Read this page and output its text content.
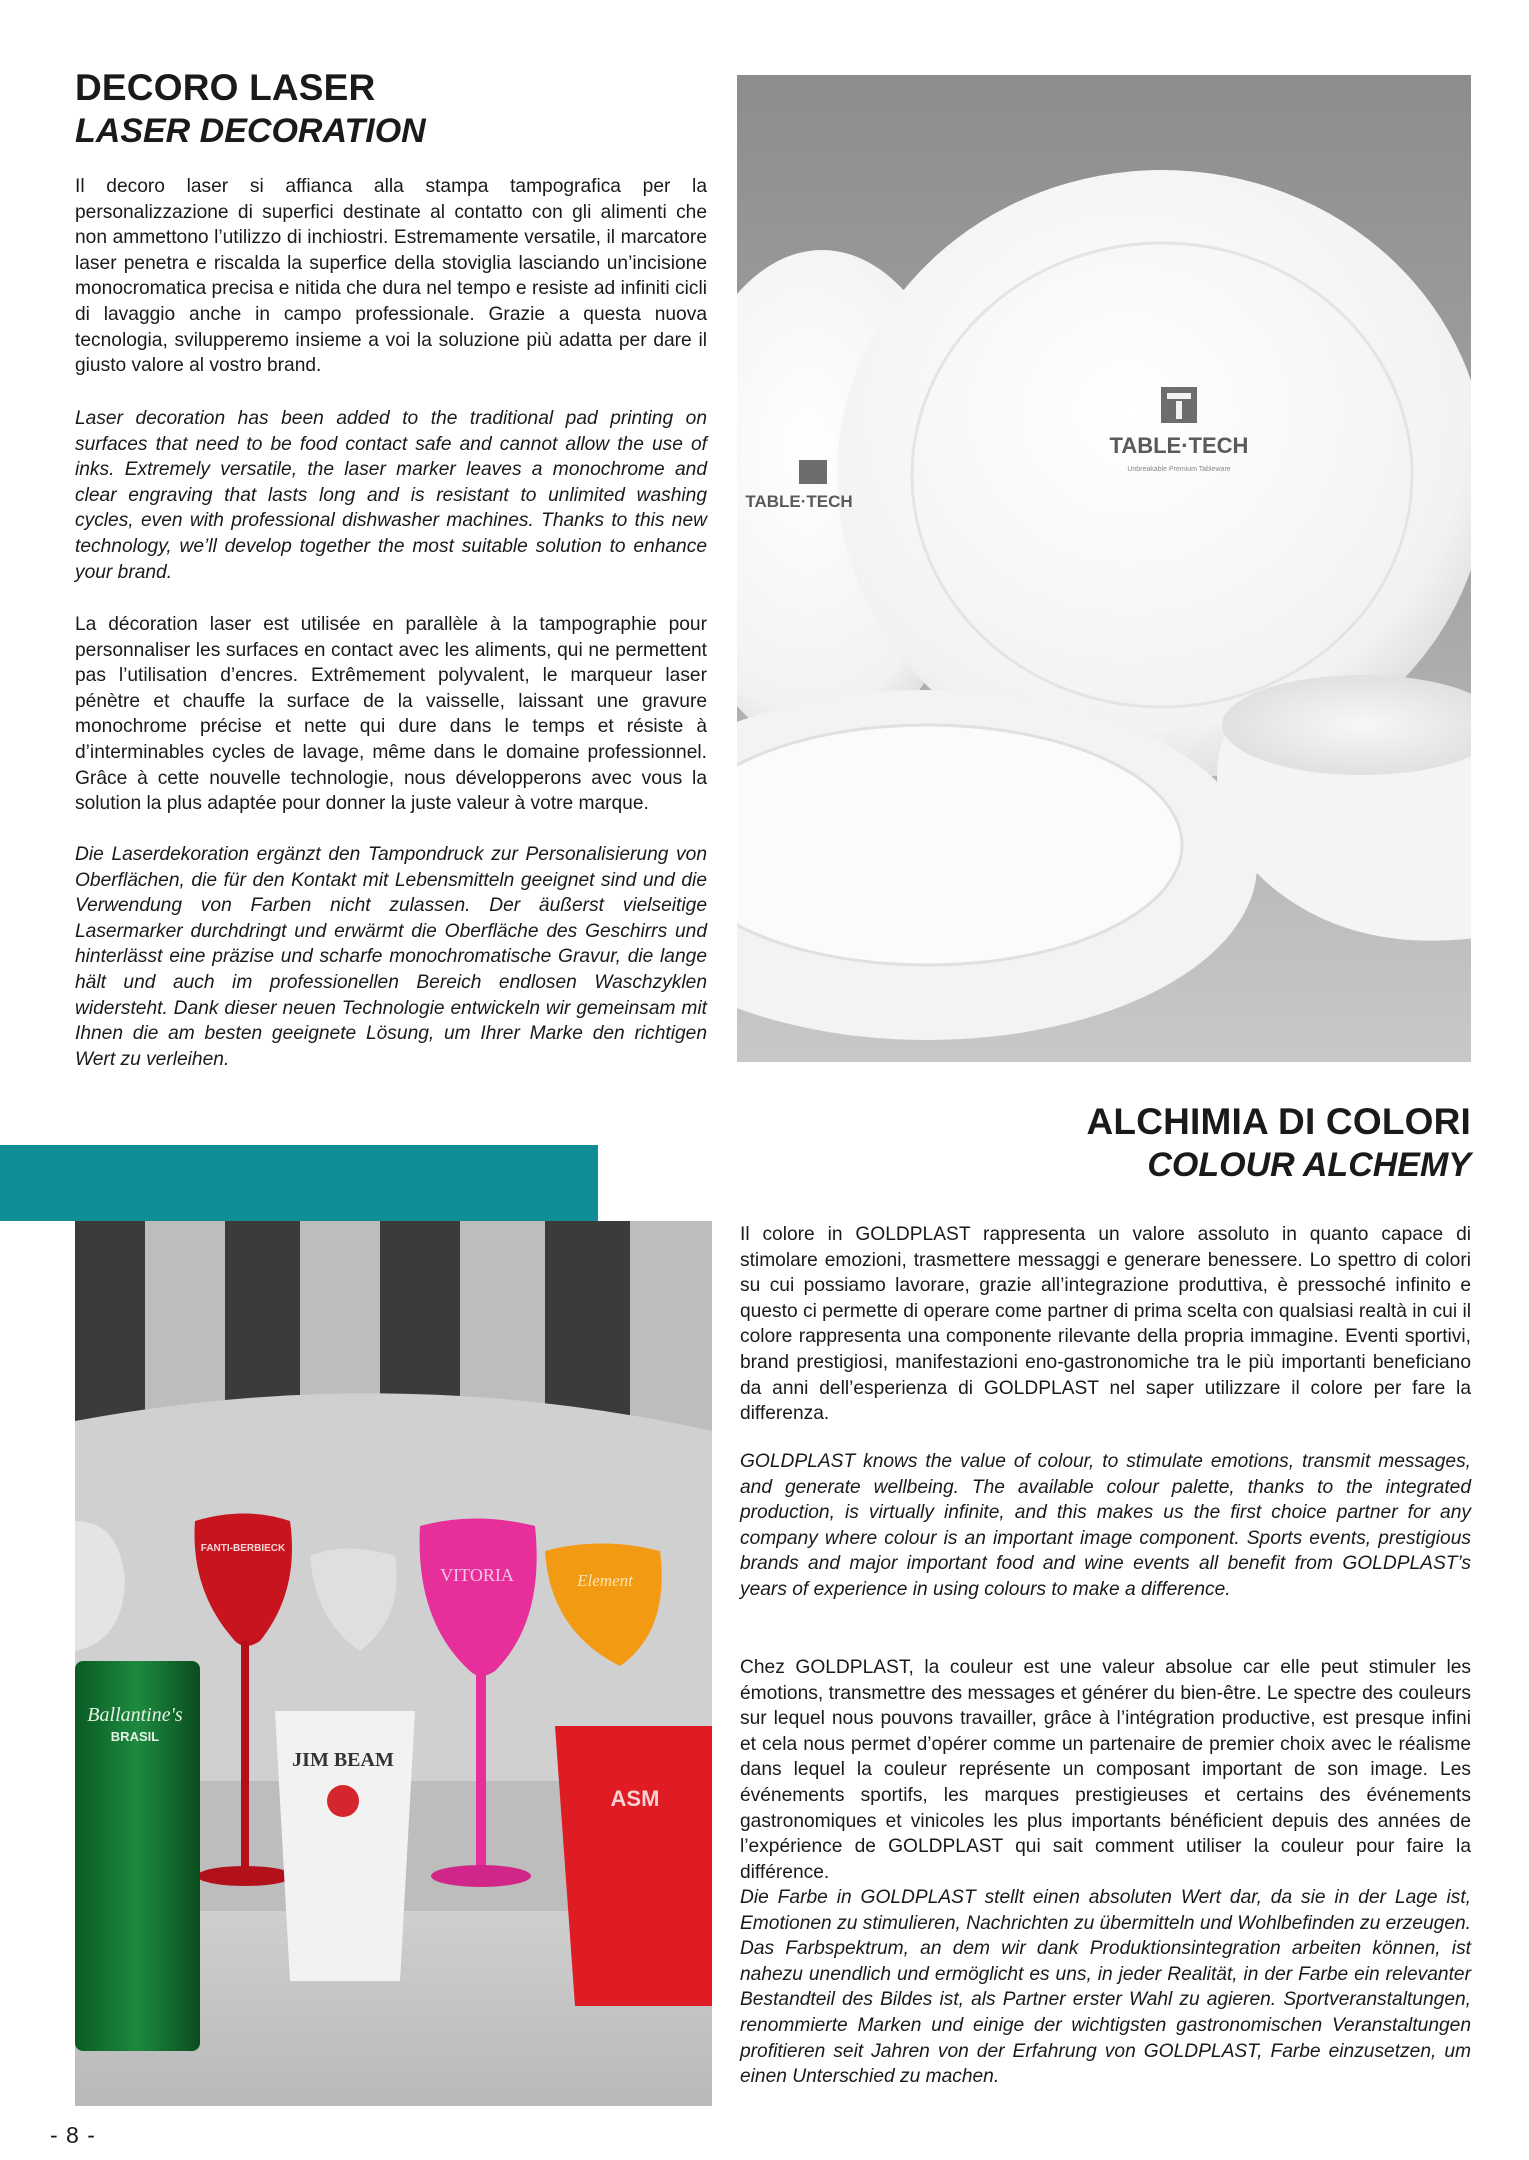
DECORO LASER
LASER DECORATION

Il decoro laser si affianca alla stampa tampografica per la personalizzazione di superfici destinate al contatto con gli alimenti che non ammettono l’utilizzo di inchiostri. Estremamente versatile, il marcatore laser penetra e riscalda la superfice della stoviglia lasciando un’incisione monocromatica precisa e nitida che dura nel tempo e resiste ad infiniti cicli di lavaggio anche in campo professionale. Grazie a questa nuova tecnologia, svilupperemo insieme a voi la soluzione più adatta per dare il giusto valore al vostro brand.

Laser decoration has been added to the traditional pad printing on surfaces that need to be food contact safe and cannot allow the use of inks. Extremely versatile, the laser marker leaves a monochrome and clear engraving that lasts long and is resistant to unlimited washing cycles, even with professional dishwasher machines. Thanks to this new technology, we’ll develop together the most suitable solution to enhance your brand.

La décoration laser est utilisée en parallèle à la tampographie pour personnaliser les surfaces en contact avec les aliments, qui ne permettent pas l’utilisation d’encres. Extrêmement polyvalent, le marqueur laser pénètre et chauffe la surface de la vaisselle, laissant une gravure monochrome précise et nette qui dure dans le temps et résiste à d’interminables cycles de lavage, même dans le domaine professionnel. Grâce à cette nouvelle technologie, nous développerons avec vous la solution la plus adaptée pour donner la juste valeur à votre marque.

Die Laserdekoration ergänzt den Tampondruck zur Personalisierung von Oberflächen, die für den Kontakt mit Lebensmitteln geeignet sind und die Verwendung von Farben nicht zulassen. Der äußerst vielseitige Lasermarker durchdringt und erwärmt die Oberfläche des Geschirrs und hinterlässt eine präzise und scharfe monochromatische Gravur, die lange hält und auch im professionellen Bereich endlosen Waschzyklen widersteht. Dank dieser neuen Technologie entwickeln wir gemeinsam mit Ihnen die am besten geeignete Lösung, um Ihrer Marke den richtigen Wert zu verleihen.

TABLE·TECH
Unbreakable Premium Tableware
TABLE·TECH
FANTI-BERBIECK
Ballantine's
BRASIL
VITORIA	Element
JIM BEAM
ASM
ALCHIMIA DI COLORI
COLOUR ALCHEMY

Il colore in GOLDPLAST rappresenta un valore assoluto in quanto capace di stimolare emozioni, trasmettere messaggi e generare benessere. Lo spettro di colori su cui possiamo lavorare, grazie all’integrazione produttiva, è pressoché infinito e questo ci permette di operare come partner di prima scelta con qualsiasi realtà in cui il colore rappresenta una componente rilevante della propria immagine. Eventi sportivi, brand prestigiosi, manifestazioni eno-gastronomiche tra le più importanti beneficiano da anni dell’esperienza di GOLDPLAST nel saper utilizzare il colore per fare la differenza.

GOLDPLAST knows the value of colour, to stimulate emotions, transmit messages, and generate wellbeing. The available colour palette, thanks to the integrated production, is virtually infinite, and this makes us the first choice partner for any company where colour is an important image component. Sports events, prestigious brands and major important food and wine events all benefit from GOLDPLAST’s years of experience in using colours to make a difference.

Chez GOLDPLAST, la couleur est une valeur absolue car elle peut stimuler les émotions, transmettre des messages et générer du bien-être. Le spectre des couleurs sur lequel nous pouvons travailler, grâce à l’intégration productive, est presque infini et cela nous permet d’opérer comme un partenaire de premier choix avec le réalisme dans lequel la couleur représente un composant important de son image. Les événements sportifs, les marques prestigieuses et certains des événements gastronomiques et vinicoles les plus importants bénéficient depuis des années de l’expérience de GOLDPLAST qui sait comment utiliser la couleur pour faire la différence.

Die Farbe in GOLDPLAST stellt einen absoluten Wert dar, da sie in der Lage ist, Emotionen zu stimulieren, Nachrichten zu übermitteln und Wohlbefinden zu erzeugen. Das Farbspektrum, an dem wir dank Produktionsintegration arbeiten können, ist nahezu unendlich und ermöglicht es uns, in jeder Realität, in der Farbe ein relevanter Bestandteil des Bildes ist, als Partner erster Wahl zu agieren. Sportveranstaltungen, renommierte Marken und einige der wichtigsten gastronomischen Veranstaltungen profitieren seit Jahren von der Erfahrung von GOLDPLAST, Farbe einzusetzen, um einen Unterschied zu machen.

- 8 -
